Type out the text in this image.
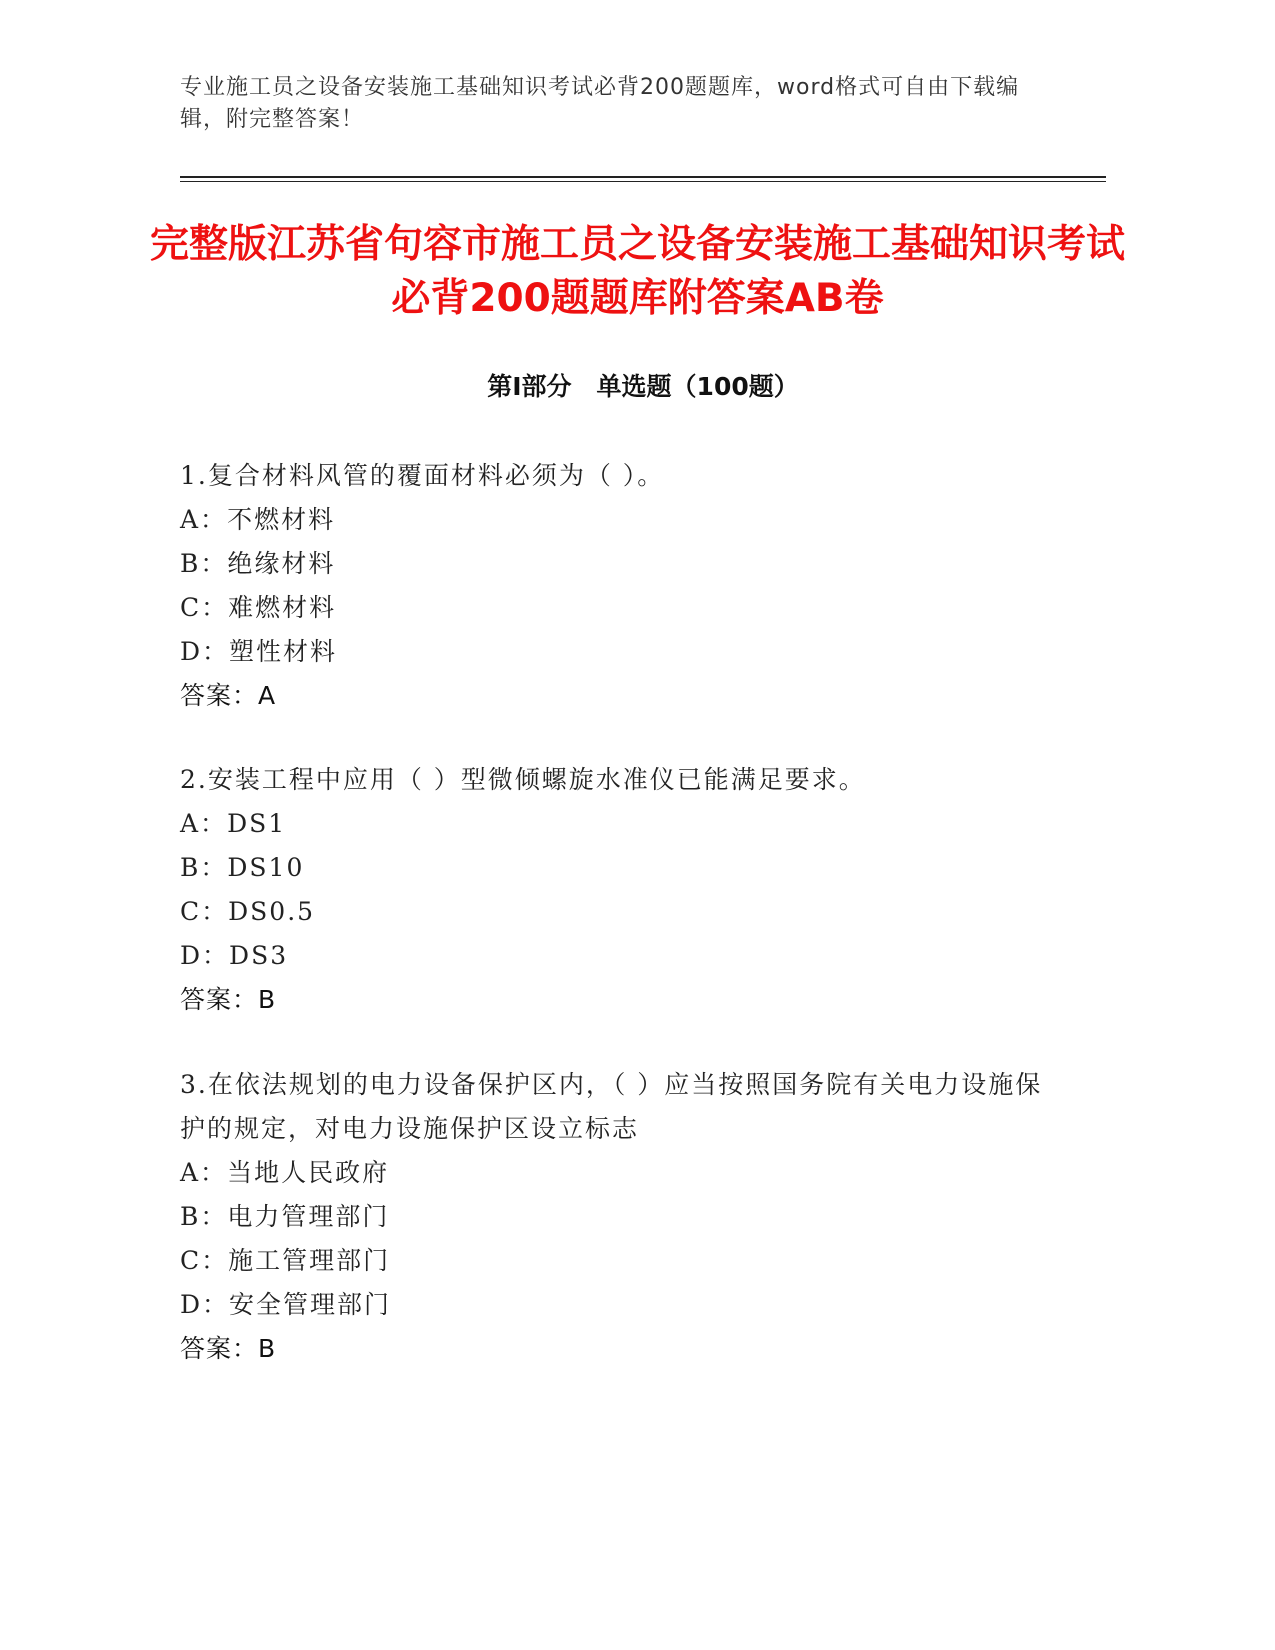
专业施工员之设备安装施工基础知识考试必背200题题库，word格式可自由下载编辑，附完整答案！
完整版江苏省句容市施工员之设备安装施工基础知识考试必背200题题库附答案AB卷
第Ⅰ部分　单选题（100题）
1.复合材料风管的覆面材料必须为（ ）。
A：不燃材料
B：绝缘材料
C：难燃材料
D：塑性材料
答案：A
2.安装工程中应用（ ）型微倾螺旋水准仪已能满足要求。
A：DS1
B：DS10
C：DS0.5
D：DS3
答案：B
3.在依法规划的电力设备保护区内，（ ）应当按照国务院有关电力设施保护的规定，对电力设施保护区设立标志
A：当地人民政府
B：电力管理部门
C：施工管理部门
D：安全管理部门
答案：B
